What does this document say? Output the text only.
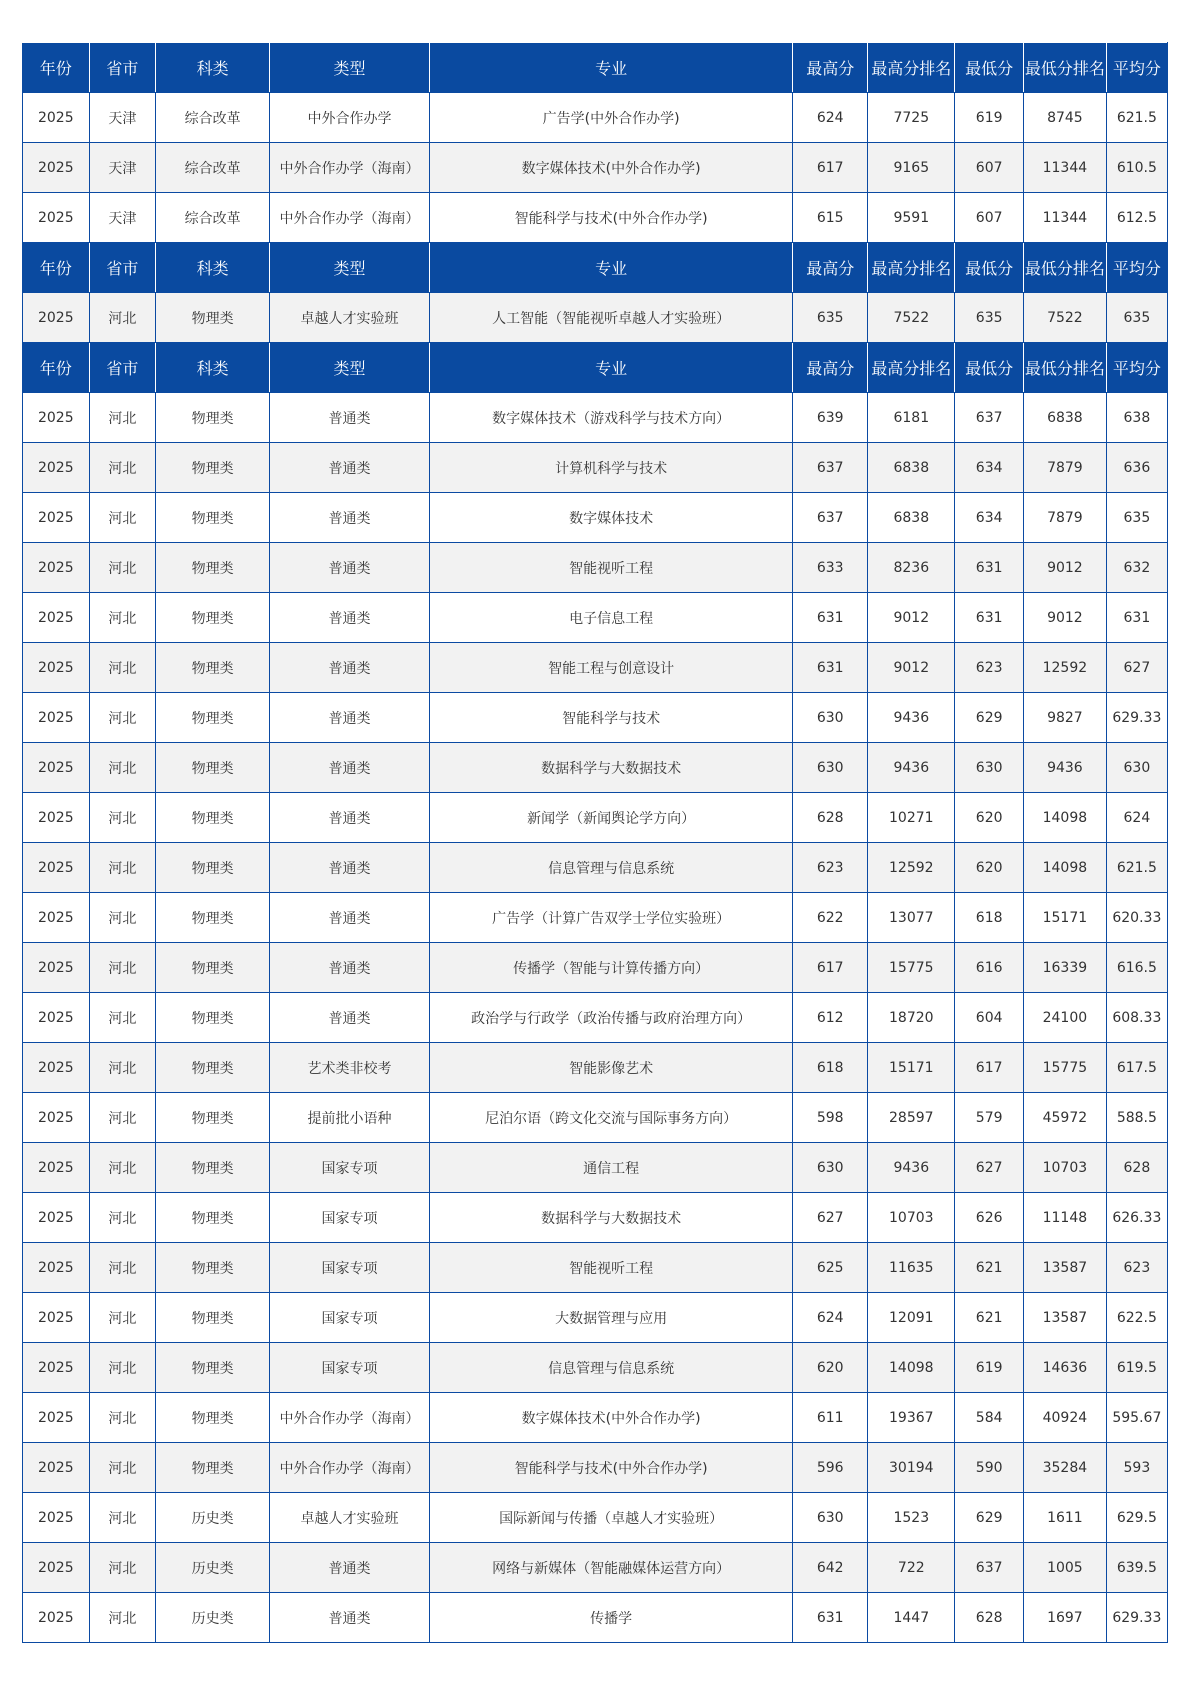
年份	省市	科类	类型	专业	最高分	最高分排名	最低分	最低分排名	平均分
2025	天津	综合改革	中外合作办学	广告学(中外合作办学)	624	7725	619	8745	621.5
2025	天津	综合改革	中外合作办学（海南）	数字媒体技术(中外合作办学)	617	9165	607	11344	610.5
2025	天津	综合改革	中外合作办学（海南）	智能科学与技术(中外合作办学)	615	9591	607	11344	612.5
年份	省市	科类	类型	专业	最高分	最高分排名	最低分	最低分排名	平均分
2025	河北	物理类	卓越人才实验班	人工智能（智能视听卓越人才实验班）	635	7522	635	7522	635
年份	省市	科类	类型	专业	最高分	最高分排名	最低分	最低分排名	平均分
2025	河北	物理类	普通类	数字媒体技术（游戏科学与技术方向）	639	6181	637	6838	638
2025	河北	物理类	普通类	计算机科学与技术	637	6838	634	7879	636
2025	河北	物理类	普通类	数字媒体技术	637	6838	634	7879	635
2025	河北	物理类	普通类	智能视听工程	633	8236	631	9012	632
2025	河北	物理类	普通类	电子信息工程	631	9012	631	9012	631
2025	河北	物理类	普通类	智能工程与创意设计	631	9012	623	12592	627
2025	河北	物理类	普通类	智能科学与技术	630	9436	629	9827	629.33
2025	河北	物理类	普通类	数据科学与大数据技术	630	9436	630	9436	630
2025	河北	物理类	普通类	新闻学（新闻舆论学方向）	628	10271	620	14098	624
2025	河北	物理类	普通类	信息管理与信息系统	623	12592	620	14098	621.5
2025	河北	物理类	普通类	广告学（计算广告双学士学位实验班）	622	13077	618	15171	620.33
2025	河北	物理类	普通类	传播学（智能与计算传播方向）	617	15775	616	16339	616.5
2025	河北	物理类	普通类	政治学与行政学（政治传播与政府治理方向）	612	18720	604	24100	608.33
2025	河北	物理类	艺术类非校考	智能影像艺术	618	15171	617	15775	617.5
2025	河北	物理类	提前批小语种	尼泊尔语（跨文化交流与国际事务方向）	598	28597	579	45972	588.5
2025	河北	物理类	国家专项	通信工程	630	9436	627	10703	628
2025	河北	物理类	国家专项	数据科学与大数据技术	627	10703	626	11148	626.33
2025	河北	物理类	国家专项	智能视听工程	625	11635	621	13587	623
2025	河北	物理类	国家专项	大数据管理与应用	624	12091	621	13587	622.5
2025	河北	物理类	国家专项	信息管理与信息系统	620	14098	619	14636	619.5
2025	河北	物理类	中外合作办学（海南）	数字媒体技术(中外合作办学)	611	19367	584	40924	595.67
2025	河北	物理类	中外合作办学（海南）	智能科学与技术(中外合作办学)	596	30194	590	35284	593
2025	河北	历史类	卓越人才实验班	国际新闻与传播（卓越人才实验班）	630	1523	629	1611	629.5
2025	河北	历史类	普通类	网络与新媒体（智能融媒体运营方向）	642	722	637	1005	639.5
2025	河北	历史类	普通类	传播学	631	1447	628	1697	629.33
